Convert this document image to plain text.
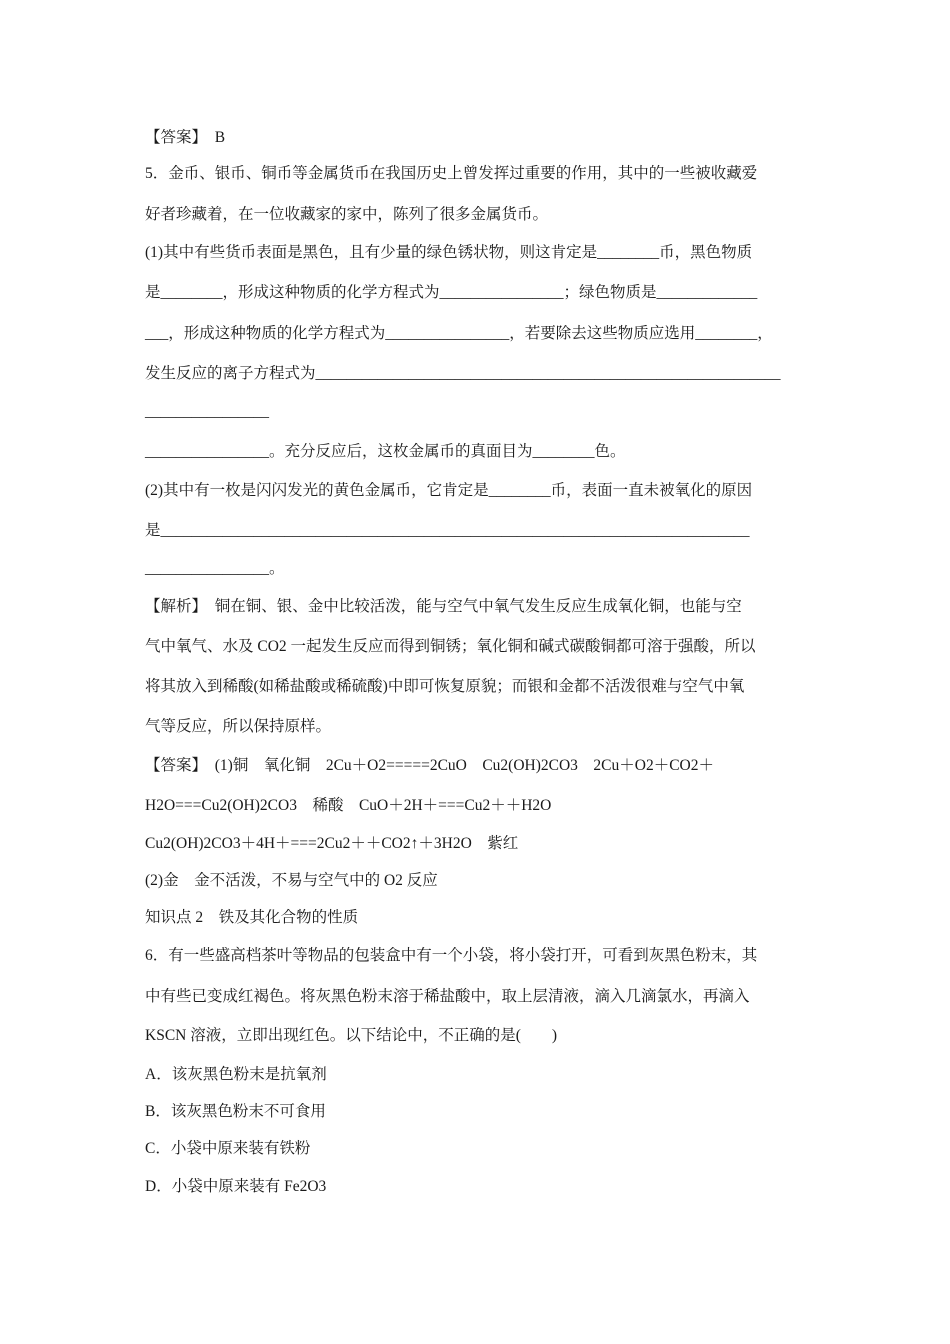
【答案】　B
5．金币、银币、铜币等金属货币在我国历史上曾发挥过重要的作用，其中的一些被收藏爱
好者珍藏着，在一位收藏家的家中，陈列了很多金属货币。
(1)其中有些货币表面是黑色，且有少量的绿色锈状物，则这肯定是________币，黑色物质
是________，形成这种物质的化学方程式为________________；绿色物质是_____________
___，形成这种物质的化学方程式为________________，若要除去这些物质应选用________，
发生反应的离子方程式为____________________________________________________________
________________
________________。充分反应后，这枚金属币的真面目为________色。
(2)其中有一枚是闪闪发光的黄色金属币，它肯定是________币，表面一直未被氧化的原因
是____________________________________________________________________________
________________。
【解析】　铜在铜、银、金中比较活泼，能与空气中氧气发生反应生成氧化铜，也能与空
气中氧气、水及 CO2 一起发生反应而得到铜锈；氧化铜和碱式碳酸铜都可溶于强酸，所以
将其放入到稀酸(如稀盐酸或稀硫酸)中即可恢复原貌；而银和金都不活泼很难与空气中氧
气等反应，所以保持原样。
【答案】　(1)铜　氧化铜　2Cu＋O2=====2CuO　Cu2(OH)2CO3　2Cu＋O2＋CO2＋
H2O===Cu2(OH)2CO3　稀酸　CuO＋2H＋===Cu2＋＋H2O
Cu2(OH)2CO3＋4H＋===2Cu2＋＋CO2↑＋3H2O　紫红
(2)金　金不活泼，不易与空气中的 O2 反应
知识点 2　铁及其化合物的性质
6．有一些盛高档茶叶等物品的包装盒中有一个小袋，将小袋打开，可看到灰黑色粉末，其
中有些已变成红褐色。将灰黑色粉末溶于稀盐酸中，取上层清液，滴入几滴氯水，再滴入
KSCN 溶液，立即出现红色。以下结论中，不正确的是(　　)
A．该灰黑色粉末是抗氧剂
B．该灰黑色粉末不可食用
C．小袋中原来装有铁粉
D．小袋中原来装有 Fe2O3
